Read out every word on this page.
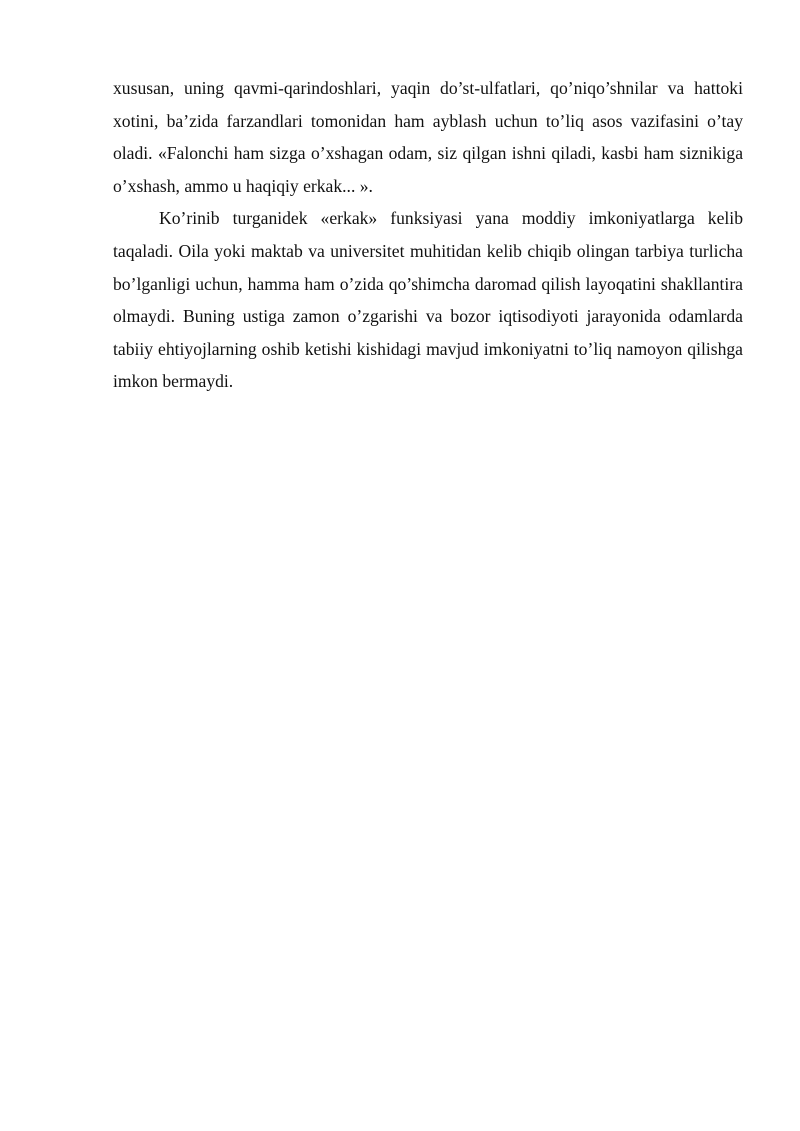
xususan, uning qavmi-qarindoshlari, yaqin do’st-ulfatlari, qo’niqo’shnilar va hattoki xotini, ba’zida farzandlari tomonidan ham ayblash uchun to’liq asos vazifasini o’tay oladi. «Falonchi ham sizga o’xshagan odam, siz qilgan ishni qiladi, kasbi ham siznikiga o’xshash, ammo u haqiqiy erkak... ».

Ko’rinib turganidek «erkak» funksiyasi yana moddiy imkoniyatlarga kelib taqaladi. Oila yoki maktab va universitet muhitidan kelib chiqib olingan tarbiya turlicha bo’lganligi uchun, hamma ham o’zida qo’shimcha daromad qilish layoqatini shakllantira olmaydi. Buning ustiga zamon o’zgarishi va bozor iqtisodiyoti jarayonida odamlarda tabiiy ehtiyojlarning oshib ketishi kishidagi mavjud imkoniyatni to’liq namoyon qilishga imkon bermaydi.
